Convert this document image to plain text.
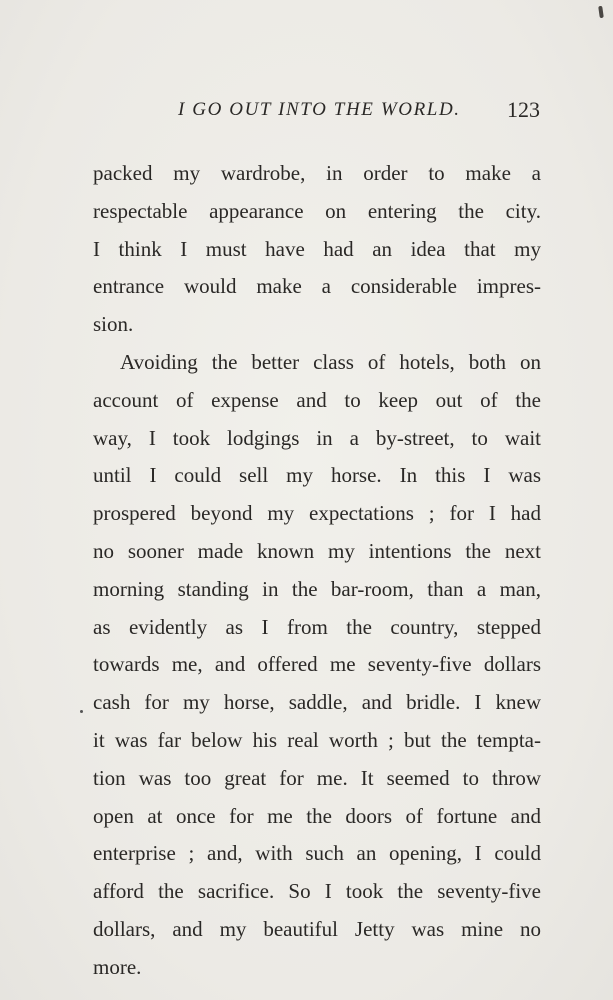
I GO OUT INTO THE WORLD. 123
packed my wardrobe, in order to make a
respectable appearance on entering the city.
I think I must have had an idea that my
entrance would make a considerable impres-
sion.
Avoiding the better class of hotels, both on
account of expense and to keep out of the
way, I took lodgings in a by-street, to wait
until I could sell my horse. In this I was
prospered beyond my expectations ; for I had
no sooner made known my intentions the next
morning standing in the bar-room, than a man,
as evidently as I from the country, stepped
towards me, and offered me seventy-five dollars
cash for my horse, saddle, and bridle. I knew
it was far below his real worth ; but the tempta-
tion was too great for me. It seemed to throw
open at once for me the doors of fortune and
enterprise ; and, with such an opening, I could
afford the sacrifice. So I took the seventy-five
dollars, and my beautiful Jetty was mine no
more.
